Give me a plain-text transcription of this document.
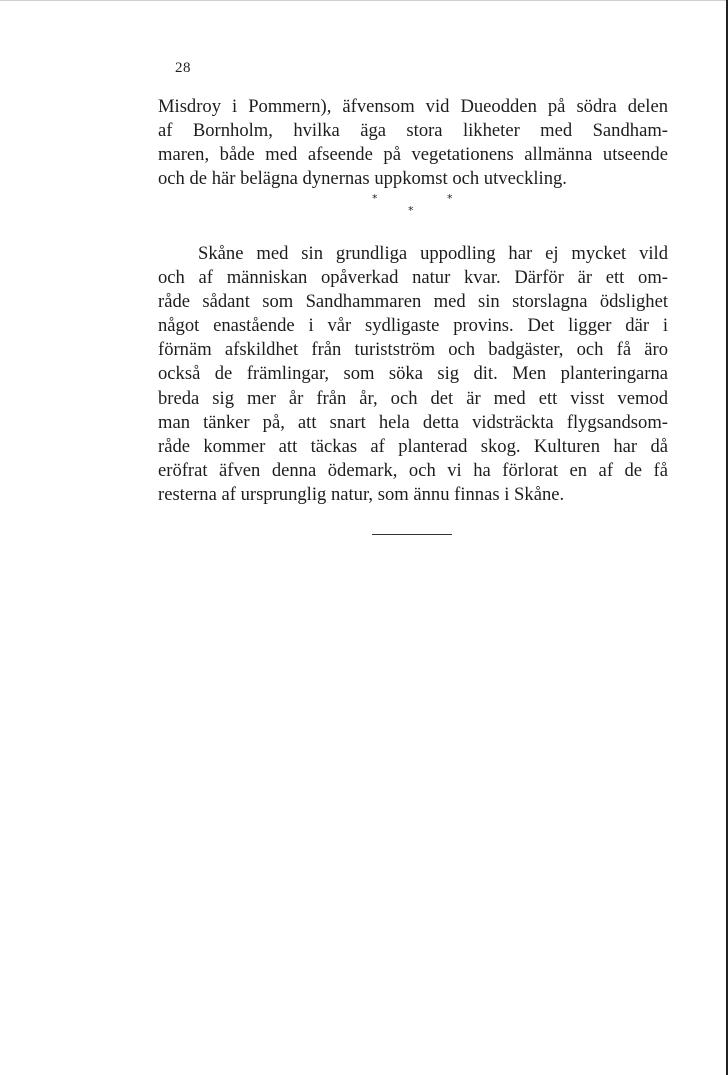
28
Misdroy i Pommern), äfvensom vid Dueodden på södra delen
af Bornholm, hvilka äga stora likheter med Sandham-
maren, både med afseende på vegetationens allmänna utseende
och de här belägna dynernas uppkomst och utveckling.
*	*
*
Skåne med sin grundliga uppodling har ej mycket vild
och af människan opåverkad natur kvar. Därför är ett om-
råde sådant som Sandhammaren med sin storslagna ödslighet
något enastående i vår sydligaste provins. Det ligger där i
förnäm afskildhet från turistström och badgäster, och få äro
också de främlingar, som söka sig dit. Men planteringarna
breda sig mer år från år, och det är med ett visst vemod
man tänker på, att snart hela detta vidsträckta flygsandsom-
råde kommer att täckas af planterad skog. Kulturen har då
eröfrat äfven denna ödemark, och vi ha förlorat en af de få
resterna af ursprunglig natur, som ännu finnas i Skåne.
